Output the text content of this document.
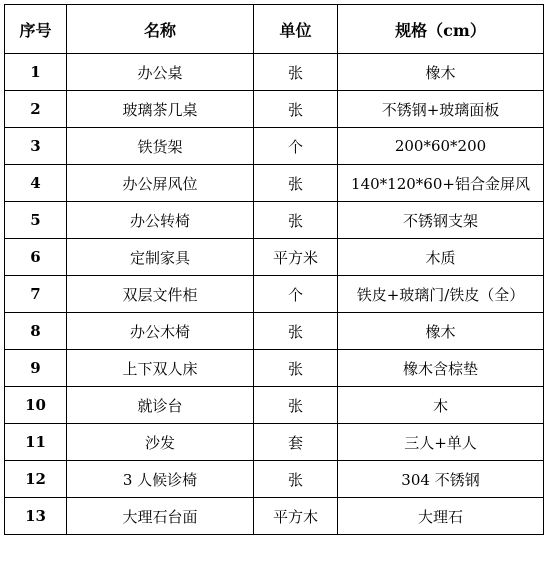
序号	名称	单位	规格（cm）
1	办公桌	张	橡木
2	玻璃茶几桌	张	不锈钢+玻璃面板
3	铁货架	个	200*60*200
4	办公屏风位	张	140*120*60+铝合金屏风
5	办公转椅	张	不锈钢支架
6	定制家具	平方米	木质
7	双层文件柜	个	铁皮+玻璃门/铁皮（全）
8	办公木椅	张	橡木
9	上下双人床	张	橡木含棕垫
10	就诊台	张	木
11	沙发	套	三人+单人
12	3 人候诊椅	张	304 不锈钢
13	大理石台面	平方木	大理石
